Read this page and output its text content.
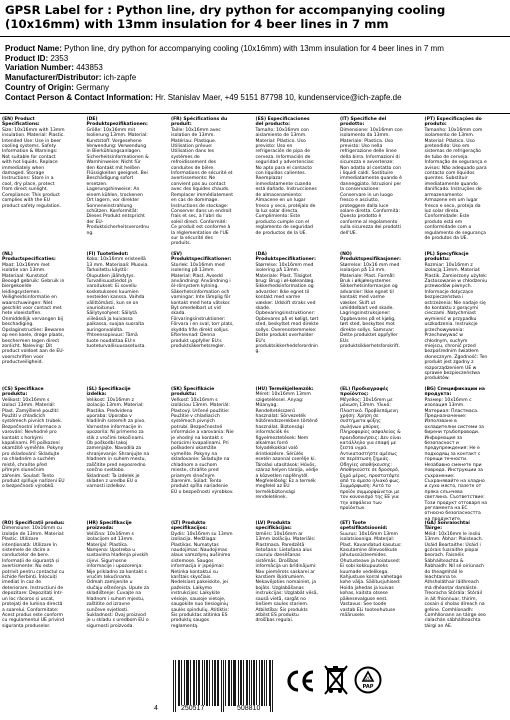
GPSR Label for : Python line, dry python for accompanying cooling (10x16mm) with 13mm insulation for 4 beer lines in 7 mm
Product Name: Python line, dry python for accompanying cooling (10x16mm) with 13mm insulation for 4 beer lines in 7 mm
Product ID: 2353
Variation Number: 443853
Manufacturer/Distributor: ich-zapfe
Country of Origin: Germany
Contact Person & Contact Information: Hr. Stanislav Maer, +49 5151 87798 10, kundenservice@ich-zapfe.de
(EN) Product Specifications:
Size: 10x16mm with 13mm insulation. Material: Plastic. Intended Use: Use in beer cooling systems. Safety Information & Warnings: Not suitable for contact with hot liquids. Replace immediately when damaged. Storage Instructions: Store in a cool, dry place, protect from direct sunlight. Compliance: This product complies with the EU product safety regulation.
(DE) Produktspezifikationen:
Größe: 10x16mm mit Isolierung 13mm. Material: Kunststoff. Vorgesehene Verwendung: Verwendung in Bierkühlungsanlagen. Sicherheitsinformationen & Warnhinweise: Nicht für den Kontakt mit heißen Flüssigkeiten geeignet. Bei Beschädigung sofort ersetzen. Lagerungshinweise: An einem kühlen, trockenen Ort lagern, vor direkter Sonneneinstrahlung schützen. Konformität: Dieses Produkt entspricht der EU-Produktsicherheitsverordnung.
(FR) Spécifications du produit:
Taille: 10x16mm avec isolation de 13mm. Matériau: Plastique. Utilisation prévue: Utilisation dans les systèmes de refroidissement des conduites de bière. Informations de sécurité et avertissements: Ne convient pas au contact avec des liquides chauds. Remplacer immédiatement en cas de dommage. Instructions de stockage: Conserver dans un endroit frais et sec, à l'abri du soleil direct. Conformité: Ce produit est conforme à la réglementation de l'UE sur la sécurité des produits.
(ES) Especificaciones del producto:
Tamaño: 10x16mm con aislamiento de 13mm. Material: Plástico. Uso previsto: Uso en refrigeración de pipa de cerveza. Información de seguridad y advertencias: No apto para el contacto con líquidos calientes. Reemplazar inmediatamente cuando está dañado. Instrucciones de almacenamiento: Almacene en un lugar fresco y seco, protéjalo de la luz solar directa. Cumplimiento: Este producto cumple con el reglamento de seguridad de productos de la UE.
(IT) Specifiche del prodotto:
Dimensione: 10x16mm con isolamento da 13mm. Materiale: Plastica. Uso previsto: Uso nella refrigerazione delle linee della birra. Informazioni di sicurezza e avvertenze: Non adatto al contatto con i liquidi caldi. Sostituire immediatamente quando è danneggiato. Istruzioni per la conservazione: Conservare in un luogo fresco e asciutto, proteggere dalla luce solare diretta. Conformità: Questo prodotto è conforme al regolamento sulla sicurezza dei prodotti dell'UE.
(PT) Especificações do produto:
Tamanho: 10x16mm com isolamento de 13mm. Material: Plástico. Uso pretendido: Uso em sistemas de refrigeração de tubo de cerveja. Informação de segurança e avisos: Não adequado para contacto com líquidos quentes. Substituir imediatamente quando danificado. Instruções de armazenamento: Armazene em um lugar fresco e seco, proteja da luz solar direta. Conformidade: Este produto está em conformidade com o regulamento de segurança de produtos da UE.
(NL) Productspecificaties:
Maat: 10x16mm met isolatie van 13mm. Materiaal: Kunststof. Beoogd gebruik: Gebruik in biergekoelde leidingsystemen. Veiligheidsinformatie en waarschuwingen: Niet geschikt voor contact met hete vloeistoffen. Onmiddellijk vervangen bij beschadiging. Opslaginstructies: Bewaren op een koele, droge plaats, beschermen tegen direct zonlicht. Naleving: Dit product voldoet aan de EU-voorschriften voor productveiligheid.
(FI) Tuotetiedot:
Koko: 10x16mm eristeellä 13 mm. Materiaali: Muovia. Tarkoitettu käyttö: Oluputken jäähdytys. Turvallisuustiedot ja varoitukset: Ei sovellu kosketukseen kuumien nesteiden kanssa. Vaihda välittömästi, kun se on vaurioitunut. Säilytysohjeet: Säilytä viileässä ja kuivassa paikassa, suojaa suoralta auringonvalolta. Yhteensopivuus: Tämä tuote noudattaa EU:n tuoteturvallisuusasetusta.
(SV) Produktspecifikationer:
Storlek: 10x16mm med isolering på 13mm. Material: Plast. Avsedd användning: Användning i öl-rörsystem kylning. Säkerhetsinformation och varningar: Inte lämplig för kontakt med heta vätskor. Byt omedelbart ut vid skada. Förvaringsinstruktioner: Förvara i en sval, torr plats, skydda från direkt solljus. Efterlevnad: Denna produkt uppfyller EU:s produktsäkerhetsregler.
(DA) Produktspecifikationer:
Størrelse: 10x16mm med isolering på 13mm. Materiale: Plast. Tilsigtet brug: Brug i øl-køleanlæg. Sikkerhedsinformation og advarsler: Ikke egnet til kontakt med varme væsker. Udskift straks ved skade. Opbevaringsinstruktioner: Opbevares på et køligt, tørt sted, beskyttet mod direkte sollys. Overensstemmelse: Dette produkt overholder EU's produktsikkerhedsforordning.
(NO) Produktspesifikasjoner:
Størrelse: 10x16 mm med isolasjon på 13 mm. Materiale: Plast. Formål: Bruk i ølkjølesystemer. Sikkerhetsinformasjon og advarsler: Ikke egnet til kontakt med varme væsker. Skift ut umiddelbart ved skade. Lagringsinstruksjoner: Oppbevares på et kjølig, tørt sted, beskyttes mot direkte sollys. Samsvar: Dette produktet oppfyller EUs produktsikkerhetsforskrift.
(PL) Specyfikacje produktu:
Rozmiar: 10x16mm z izolacją 13mm. Materiał: Plastik. Zamierzony użytek: Zastosowanie w chłodzeniu przewodów piwnych. Informacje dotyczące bezpieczeństwa i ostrzeżenia: Nie nadaje się do kontaktu z gorącymi cieczami. Natychmiast wymienić w przypadku uszkodzenia. Instrukcje przechowywania: Przechowywać w chłodnym, suchym miejscu, chronić przed bezpośrednim światłem słonecznym. Zgodność: Ten produkt jest zgodny z rozporządzeniem UE w sprawie bezpieczeństwa produktów.
(CS) Specifikace produktu:
Velikost: 10x16mm s izolací 13mm. Materiál: Plast. Zamýšlené použití: Použití v chladicích systémech pivních trubek. Bezpečnostní informace a varování: Nevhodné pro kontakt s horkými kapalinami. Při poškození okamžitě vyměňte. Pokyny pro skladování: Skladujte na chladném a suchém místě, chraňte před přímým slunečním zářením. Soulad: Tento produkt splňuje nařízení EU o bezpečnosti výrobků.
(SL) Specifikacije izdelka:
Velikost: 10x16mm z izolacijo 13mm. Material: Plastika. Predvidena uporaba: Uporaba v hladilnih sistemih za pivo. Varnostne informacije in opozorila: Ni primerno za stik z vročimi tekočinami. Ob poškodbi takoj zamenjajte. Navodila za shranjevanje: Shranjujte na hladnem in suhem mestu, zaščitite pred neposredno sončno svetlobo. Skladnost: Ta izdelek je skladen z uredbo EU o varnosti izdelkov.
(SK) Špecifikácie produktu:
Veľkosť: 10x16mm s izoláciou 13mm. Materiál: Plastový. Určené použitie: Použitie v chladiacich systémoch pivných potrubí. Bezpečnostné informácie a varovania: Nie je vhodný na kontakt s horúcimi kvapalinami. Pri poškodení okamžite vymeňte. Pokyny na skladovanie: Skladujte na chladnom a suchom mieste, chráňte pred priamym slnečným žiarením. Súlad: Tento produkt spĺňa nariadenie EÚ o bezpečnosti výrobkov.
(HU) Termékjellemzők:
Méret: 10x16mm 13mm szigeteléssel. Anyag: Műanyag. Rendeltetésszerű használat: Sörvezeték hűtőrendszerekben történő használat. Biztonsági információk és figyelmeztetések: Nem alkalmas forró folyadékokkal való érintkezésre. Sérülés esetén azonnal cserélje ki. Tárolási utasítások: Hűvös, száraz helyen tárolja, védje a közvetlen napfénytől. Megfelelőség: Ez a termék megfelel az EU termékbiztonsági rendeletének.
(EL) Προδιαγραφές προϊόντος:
Μέγεθος: 10x16mm με μόνωση 13mm. Υλικό: Πλαστικό. Προβλεπόμενη χρήση: Χρήση σε συστήματα ψύξης σωλήνων μπύρας. Πληροφορίες ασφαλείας & προειδοποιήσεις: Δεν είναι κατάλληλο για επαφή με ζεστά υγρά. Αντικαταστήστε αμέσως σε περίπτωση ζημιάς. Οδηγίες αποθήκευσης: Αποθηκεύστε σε δροσερό, ξηρό μέρος, προστατέψτε από το άμεσο ηλιακό φως. Συμμόρφωση: Αυτό το προϊόν συμμορφώνεται με τον κανονισμό της ΕΕ για την ασφάλεια των προϊόντων.
(BG) Спецификации на продукта:
Размер: 10x16mm с изолация 13mm. Материал: Пластмаса. Предназначение: Използване в охладителни системи за бирени тръбопроводи. Информация за безопасност и предупреждения: Не е подходящ за контакт с горещи течности. Незабавно сменете при повреда. Инструкции за съхранение: Съхранявайте на хладно и сухо място, пазете от пряка слънчева светлина. Съответствие: Този продукт отговаря на регламента на ЕС относно безопасността на продуктите.
(RO) Specificații produs:
Dimensiune: 10x16mm cu izolație de 13mm. Material: Plastic. Utilizare intenționată: Utilizare în sistemele de răcire a conductelor de bere. Informații de siguranță și avertismente: Nu este potrivit pentru contactul cu lichide fierbinți. Înlocuiți imediat în caz de deteriorare. Instrucțiuni de depozitare: Depozitați într-un loc răcoros și uscat, protejați de lumina directă a soarelui. Conformitate: Acest produs este conform cu regulamentul UE privind siguranța produselor.
(HR) Specifikacije proizvoda:
Veličina: 10x16mm s izolacijom od 13mm. Materijal: Plastika. Namjena: Upotreba u sustavima hlađenja pivskih cijevi. Sigurnosne informacije i upozorenja: Nije prikladno za kontakt s vrućim tekućinama. Odmah zamijenite u slučaju oštećenja. Upute za skladištenje: Čuvajte na hladnom i suhom mjestu, zaštitite od izravne sunčeve svjetlosti. Sukladnost: Ovaj proizvod je u skladu s uredbom EU o sigurnosti proizvoda.
(LT) Produkto specifikacijos:
Dydis: 10x16mm su 13mm izoliacija. Medžiaga: Plastikas. Numatytas naudojimas: Naudojimas alaus vamzdynų aušinimo sistemose. Saugos informacija ir įspėjimai: Netinka kontaktui su karštais skysčiais. Nedelsiant pakeiskite, jei pažeista. Laikymo instrukcijos: Laikykite vėsioje, sausoje vietoje, saugokite nuo tiesioginių saulės spindulių. Atitiktis: Šis produktas atitinka ES produktų saugos reglamentą.
(LV) Produkta specifikācijas:
Izmērs: 10x16mm ar 13mm izolāciju. Materiāls: Plastmasa. Paredzētā lietošana: Lietošana alus cauruļu dzesēšanas sistēmās. Drošības informācija un brīdinājumi: Nav piemērots saskarei ar karstiem šķidrumiem. Nekavējoties nomainiet, ja bojāts. Uzglabāšanas instrukcijas: Uzglabāt vēsā, sausā vietā, sargāt no tiešiem saules stariem. Atbilstība: Šis produkts atbilst ES produktu drošības regulai.
(ET) Toote spetsifikatsioonid:
Suurus: 10x16mm 13mm isolatsiooniga. Materjal: Plast. Kavandatud kasutus: Kasutamine õllevoolikute jahutussüsteemides. Ohutusteave ja hoiatused: Ei sobi kokkupuuteks kuumade vedelikega. Kahjustuse korral vahetage kohe välja. Säilitusjuhised: Hoida jahedas ja kuivas kohas, kaitsta otsese päikesevalguse eest. Vastavus: See toode vastab ELi tooteohutuse määrusele.
(GA) Sonraíochtaí Táirge:
Méid: 10x16mm le insliú 13mm. Ábhar: Plaisteach. Úsáid Beartaithe: Úsáid i gcórais fuaraithe píopaí beorach. Faisnéis Sábháilteachta & Rabhaidh: Níl sé oiriúnach do theagmháil le leachtanna te. Athsholáthair láithreach má dhéantar damáiste. Treoracha Stórála: Stóráil in áit fhionnuar, thirim, cosain ó sholas díreach na gréine. Comhlíonadh: Comhlíonann an táirge seo rialachán sábháilteachta táirgí an AE.
4	250517	508810
20
PAP
